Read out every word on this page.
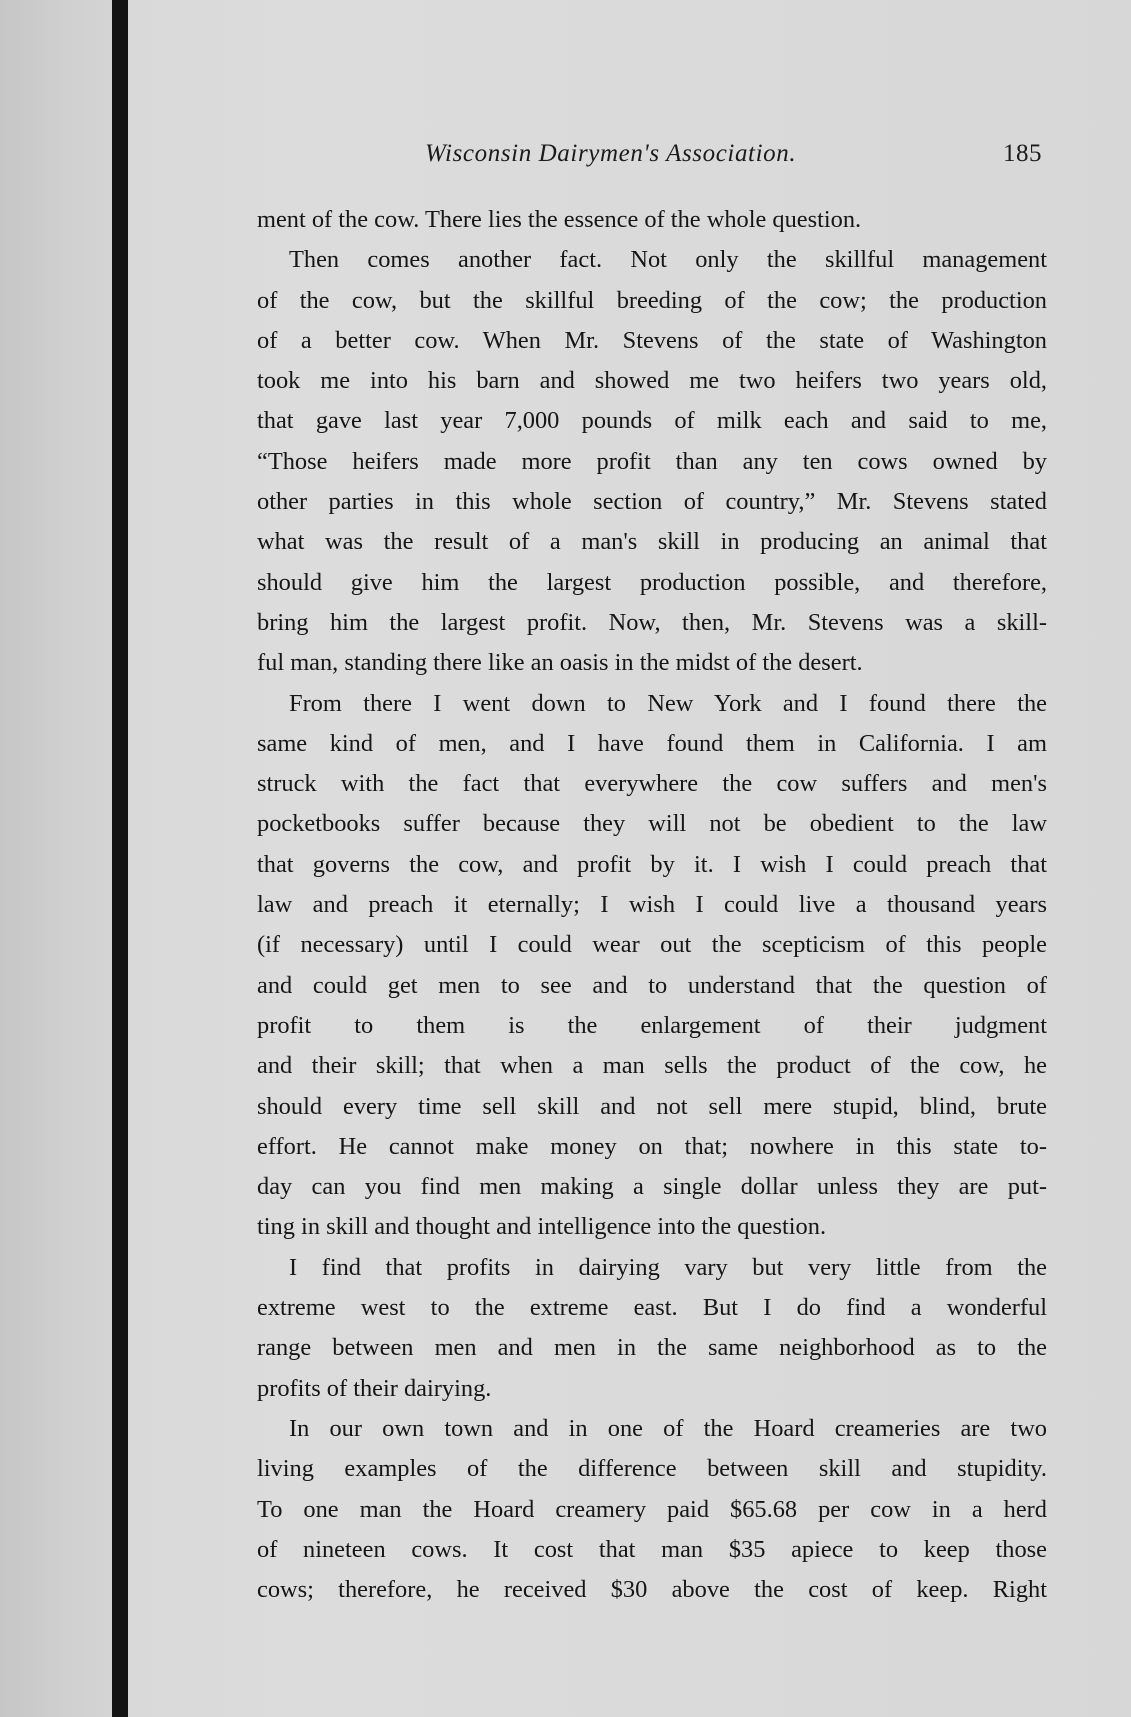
Wisconsin Dairymen's Association.	185
ment of the cow. There lies the essence of the whole question.
Then comes another fact. Not only the skillful management
of the cow, but the skillful breeding of the cow; the production
of a better cow. When Mr. Stevens of the state of Washington
took me into his barn and showed me two heifers two years old,
that gave last year 7,000 pounds of milk each and said to me,
“Those heifers made more profit than any ten cows owned by
other parties in this whole section of country,” Mr. Stevens stated
what was the result of a man's skill in producing an animal that
should give him the largest production possible, and therefore,
bring him the largest profit. Now, then, Mr. Stevens was a skill-
ful man, standing there like an oasis in the midst of the desert.
From there I went down to New York and I found there the
same kind of men, and I have found them in California. I am
struck with the fact that everywhere the cow suffers and men's
pocketbooks suffer because they will not be obedient to the law
that governs the cow, and profit by it. I wish I could preach that
law and preach it eternally; I wish I could live a thousand years
(if necessary) until I could wear out the scepticism of this people
and could get men to see and to understand that the question of
profit to them is the enlargement of their judgment
and their skill; that when a man sells the product of the cow, he
should every time sell skill and not sell mere stupid, blind, brute
effort. He cannot make money on that; nowhere in this state to-
day can you find men making a single dollar unless they are put-
ting in skill and thought and intelligence into the question.
I find that profits in dairying vary but very little from the
extreme west to the extreme east. But I do find a wonderful
range between men and men in the same neighborhood as to the
profits of their dairying.
In our own town and in one of the Hoard creameries are two
living examples of the difference between skill and stupidity.
To one man the Hoard creamery paid $65.68 per cow in a herd
of nineteen cows. It cost that man $35 apiece to keep those
cows; therefore, he received $30 above the cost of keep. Right
